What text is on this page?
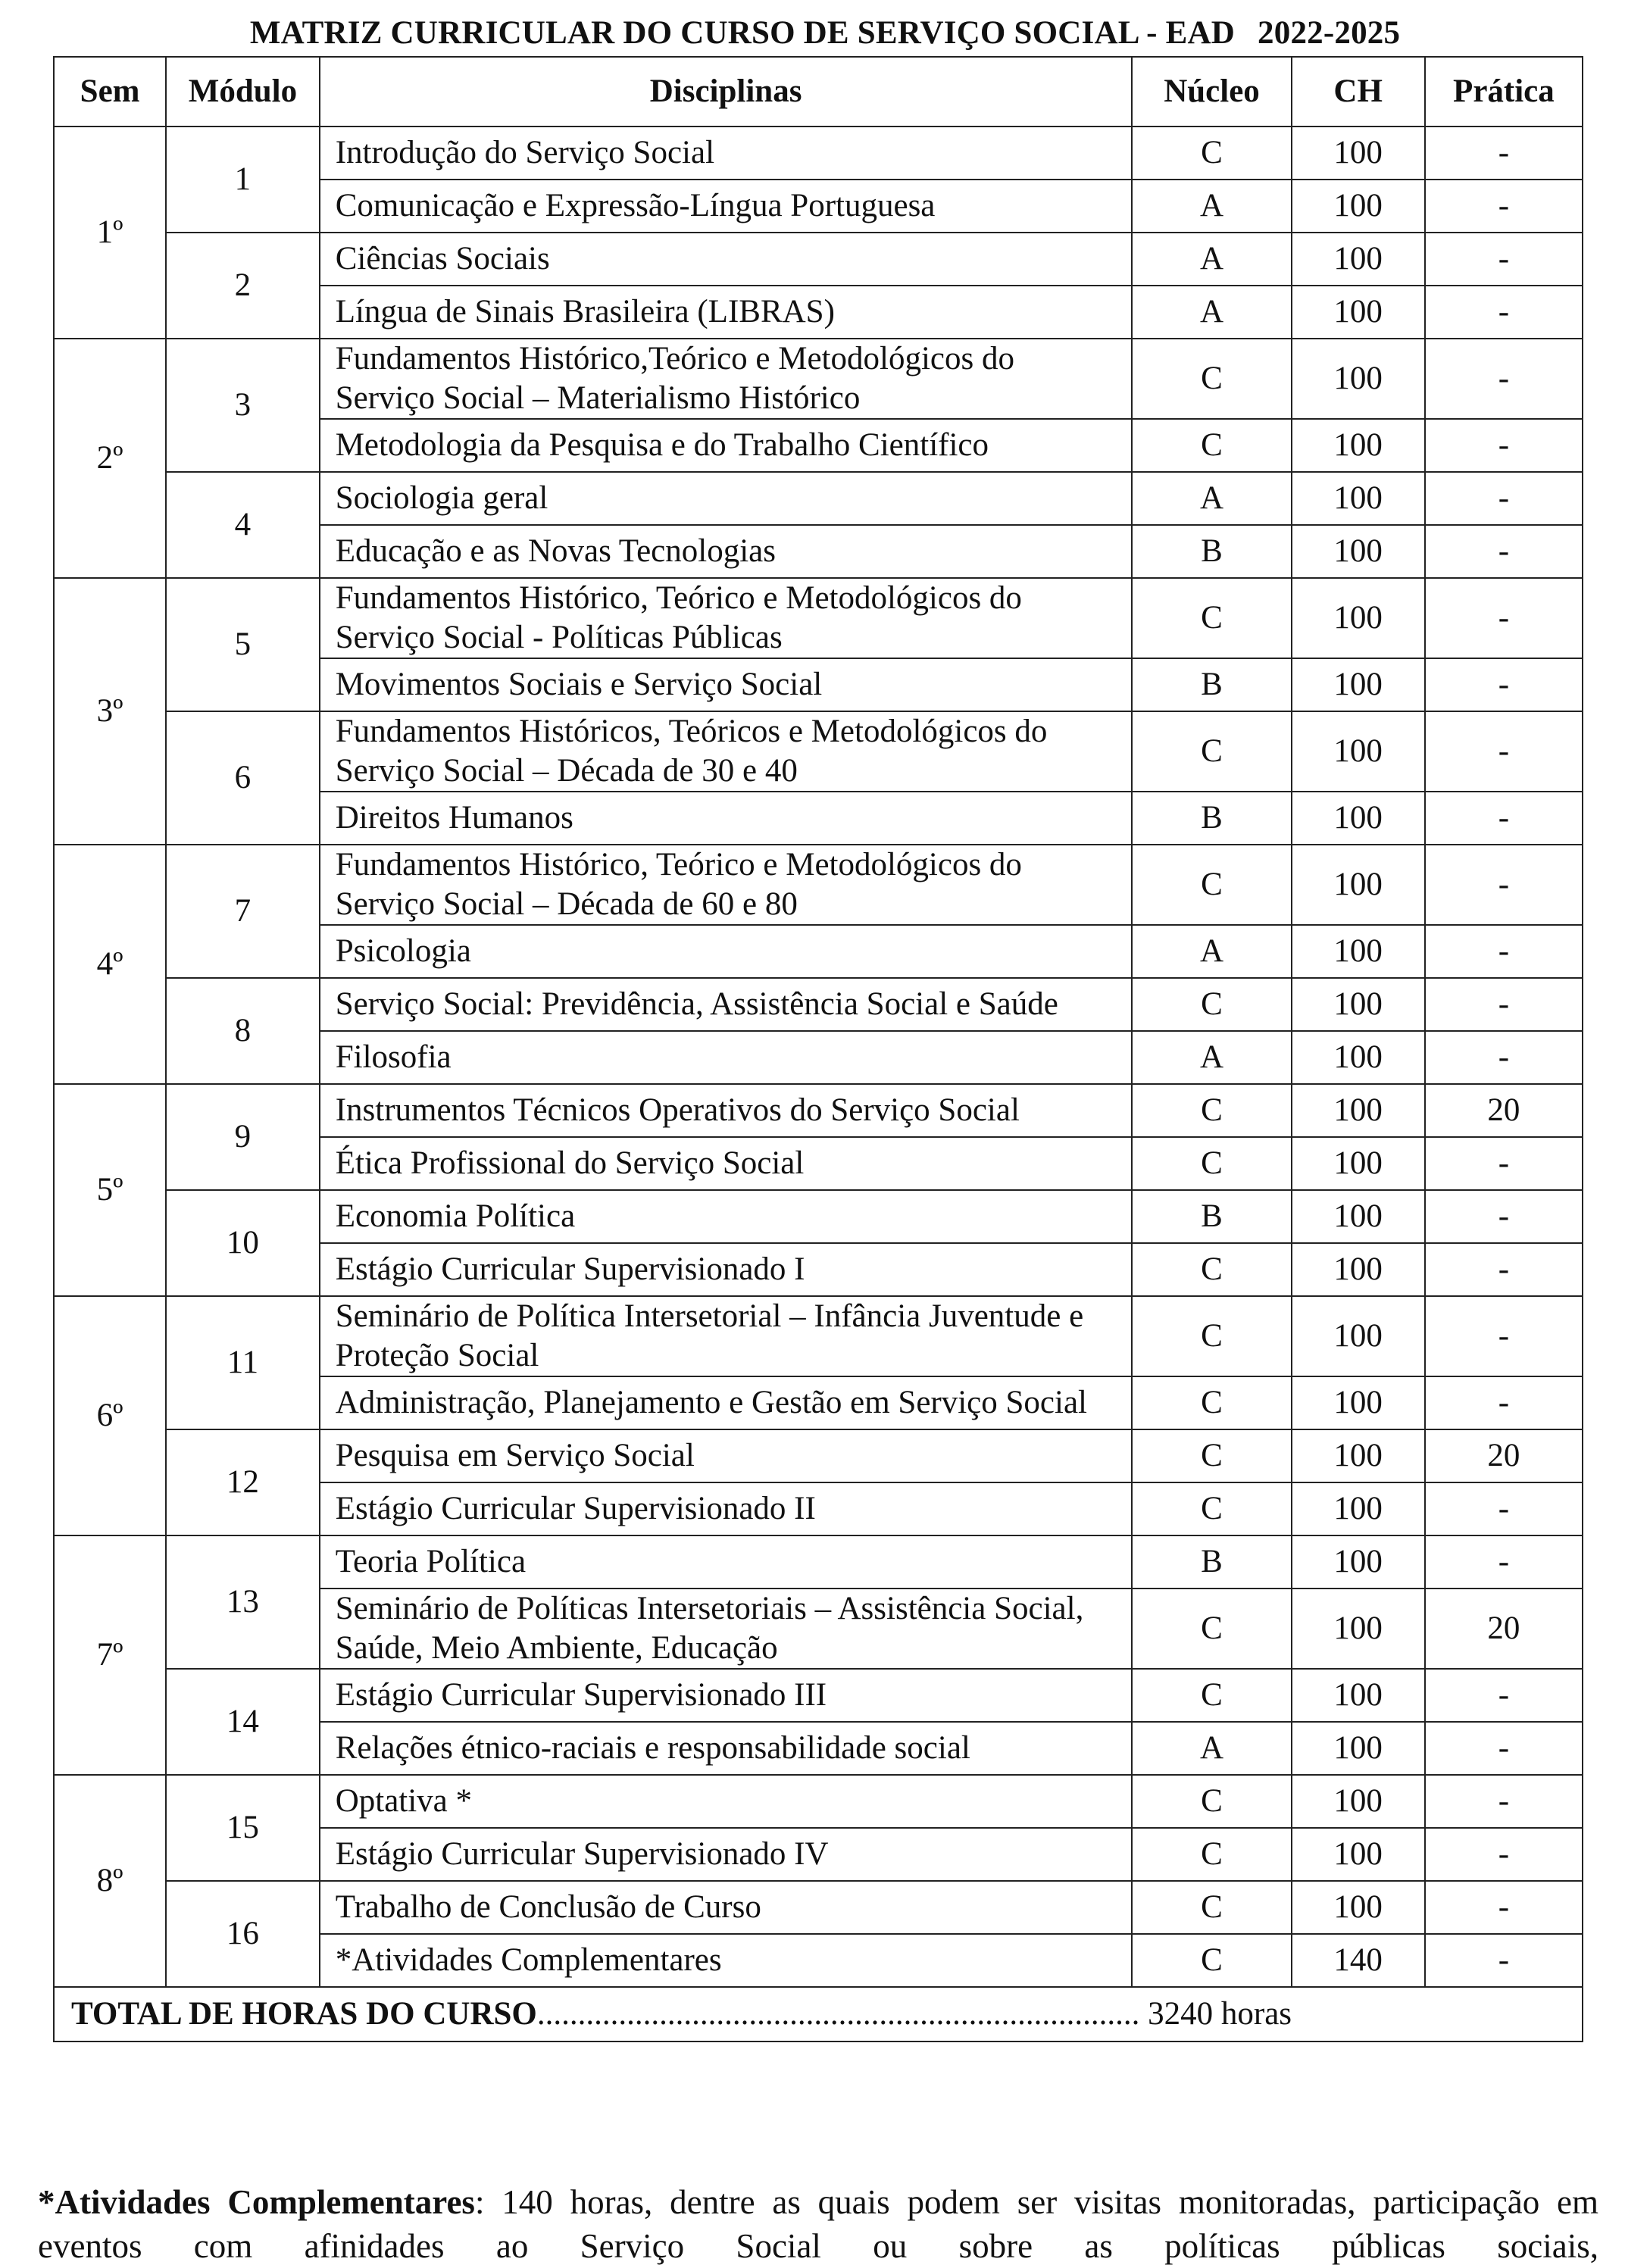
MATRIZ CURRICULAR DO CURSO DE SERVIÇO SOCIAL - EAD 2022-2025
Sem	Módulo	Disciplinas	Núcleo	CH	Prática
1º	1	Introdução do Serviço Social	C	100	-
		Comunicação e Expressão-Língua Portuguesa	A	100	-
	2	Ciências Sociais	A	100	-
		Língua de Sinais Brasileira (LIBRAS)	A	100	-
2º	3	Fundamentos Histórico,Teórico e Metodológicos do Serviço Social – Materialismo Histórico	C	100	-
		Metodologia da Pesquisa e do Trabalho Científico	C	100	-
	4	Sociologia geral	A	100	-
		Educação e as Novas Tecnologias	B	100	-
3º	5	Fundamentos Histórico, Teórico e Metodológicos do Serviço Social - Políticas Públicas	C	100	-
		Movimentos Sociais e Serviço Social	B	100	-
	6	Fundamentos Históricos, Teóricos e Metodológicos do Serviço Social – Década de 30 e 40	C	100	-
		Direitos Humanos	B	100	-
4º	7	Fundamentos Histórico, Teórico e Metodológicos do Serviço Social – Década de 60 e 80	C	100	-
		Psicologia	A	100	-
	8	Serviço Social: Previdência, Assistência Social e Saúde	C	100	-
		Filosofia	A	100	-
5º	9	Instrumentos Técnicos Operativos do Serviço Social	C	100	20
		Ética Profissional do Serviço Social	C	100	-
	10	Economia Política	B	100	-
		Estágio Curricular Supervisionado I	C	100	-
6º	11	Seminário de Política Intersetorial – Infância Juventude e Proteção Social	C	100	-
		Administração, Planejamento e Gestão em Serviço Social	C	100	-
	12	Pesquisa em Serviço Social	C	100	20
		Estágio Curricular Supervisionado II	C	100	-
7º	13	Teoria Política	B	100	-
		Seminário de Políticas Intersetoriais – Assistência Social, Saúde, Meio Ambiente, Educação	C	100	20
	14	Estágio Curricular Supervisionado III	C	100	-
		Relações étnico-raciais e responsabilidade social	A	100	-
8º	15	Optativa *	C	100	-
		Estágio Curricular Supervisionado IV	C	100	-
	16	Trabalho de Conclusão de Curso	C	100	-
		*Atividades Complementares	C	140	-
TOTAL DE HORAS DO CURSO.......................................................................... 3240 horas					

*Atividades Complementares: 140 horas, dentre as quais podem ser visitas monitoradas, participação em eventos com afinidades ao Serviço Social ou sobre as políticas públicas sociais,
